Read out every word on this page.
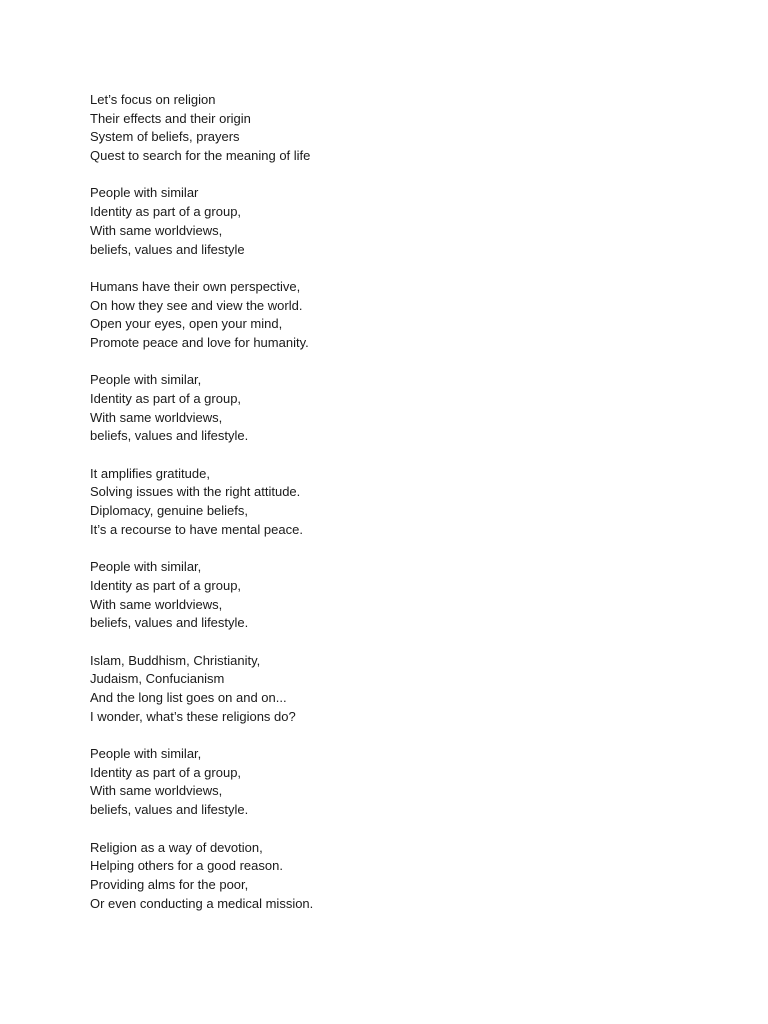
Let’s focus on religion
Their effects and their origin
System of beliefs, prayers
Quest to search for the meaning of life
People with similar
Identity as part of a group,
With same worldviews,
beliefs, values and lifestyle
Humans have their own perspective,
On how they see and view the world.
Open your eyes, open your mind,
Promote peace and love for humanity.
People with similar,
Identity as part of a group,
With same worldviews,
beliefs, values and lifestyle.
It amplifies gratitude,
Solving issues with the right attitude.
Diplomacy, genuine beliefs,
It’s a recourse to have mental peace.
People with similar,
Identity as part of a group,
With same worldviews,
beliefs, values and lifestyle.
Islam, Buddhism, Christianity,
Judaism, Confucianism
And the long list goes on and on...
I wonder, what’s these religions do?
People with similar,
Identity as part of a group,
With same worldviews,
beliefs, values and lifestyle.
Religion as a way of devotion,
Helping others for a good reason.
Providing alms for the poor,
Or even conducting a medical mission.
